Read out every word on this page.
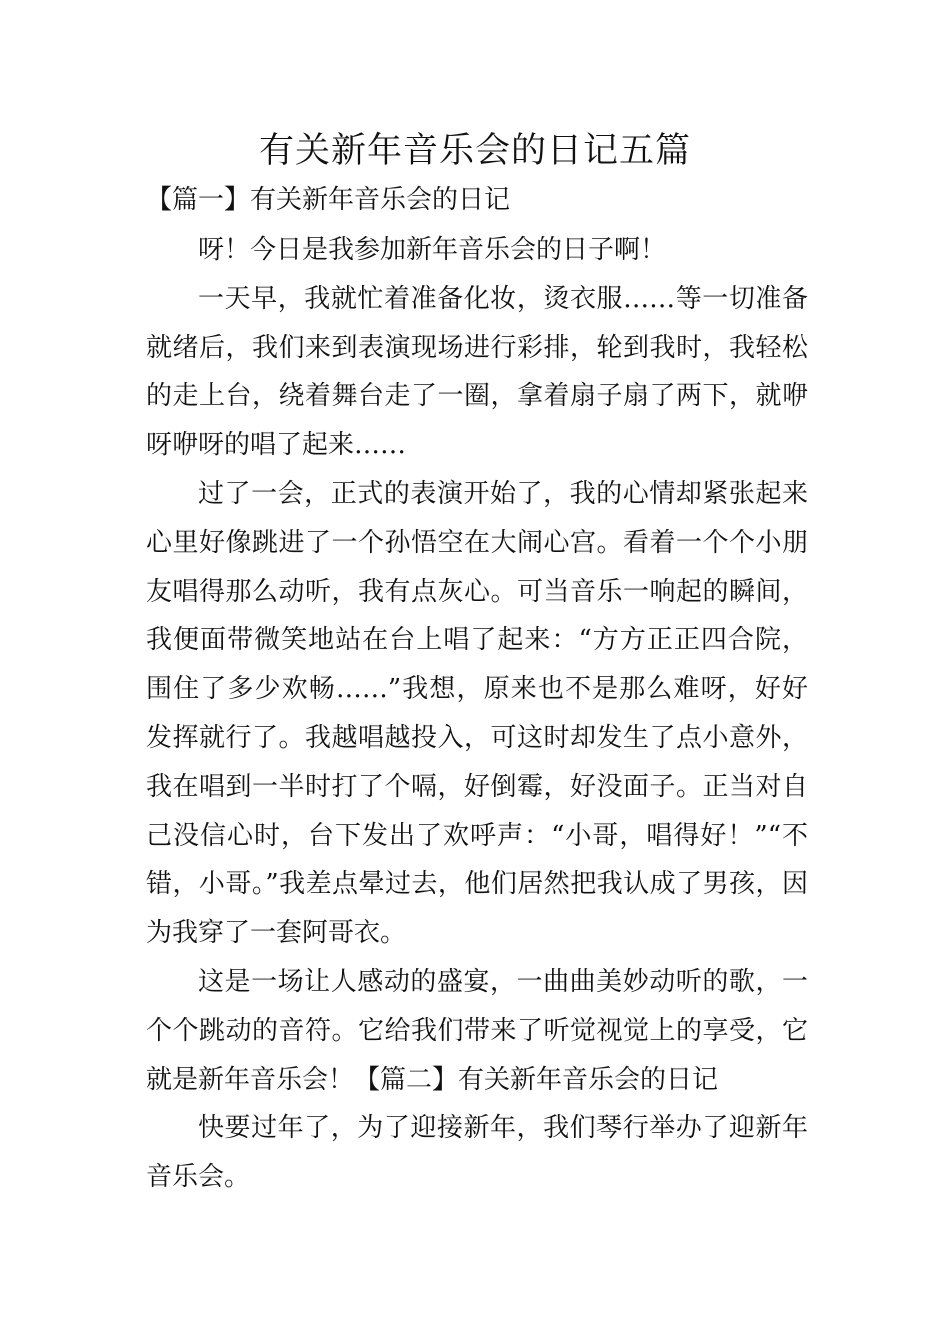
有关新年音乐会的日记五篇
【篇一】有关新年音乐会的日记

呀！今日是我参加新年音乐会的日子啊！

一天早，我就忙着准备化妆，烫衣服……等一切准备就绪后，我们来到表演现场进行彩排，轮到我时，我轻松的走上台，绕着舞台走了一圈，拿着扇子扇了两下，就咿呀咿呀的唱了起来……

过了一会，正式的表演开始了，我的心情却紧张起来心里好像跳进了一个孙悟空在大闹心宫。看着一个个小朋友唱得那么动听，我有点灰心。可当音乐一响起的瞬间，我便面带微笑地站在台上唱了起来：“方方正正四合院，围住了多少欢畅……”我想，原来也不是那么难呀，好好发挥就行了。我越唱越投入，可这时却发生了点小意外，我在唱到一半时打了个嗝，好倒霉，好没面子。正当对自己没信心时，台下发出了欢呼声：“小哥，唱得好！”“不错，小哥。”我差点晕过去，他们居然把我认成了男孩，因为我穿了一套阿哥衣。

这是一场让人感动的盛宴，一曲曲美妙动听的歌，一个个跳动的音符。它给我们带来了听觉视觉上的享受，它就是新年音乐会！【篇二】有关新年音乐会的日记

快要过年了，为了迎接新年，我们琴行举办了迎新年音乐会。
